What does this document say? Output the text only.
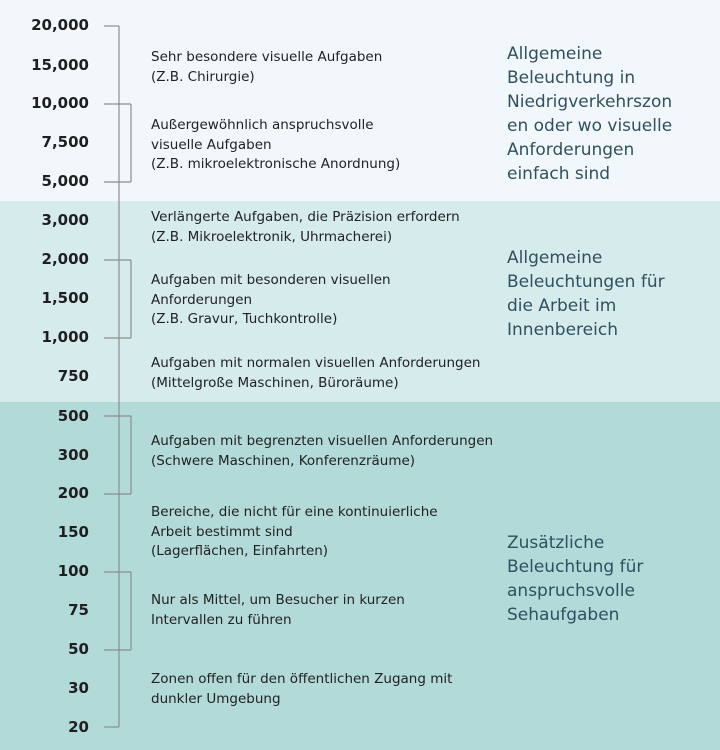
20,000
15,000
10,000
7,500
5,000
3,000
2,000
1,500
1,000
750
500
300
200
150
100
75
50
30
20
Sehr besondere visuelle Aufgaben
(Z.B. Chirurgie)
Außergewöhnlich anspruchsvolle
visuelle Aufgaben
(Z.B. mikroelektronische Anordnung)
Verlängerte Aufgaben, die Präzision erfordern
(Z.B. Mikroelektronik, Uhrmacherei)
Aufgaben mit besonderen visuellen
Anforderungen
(Z.B. Gravur, Tuchkontrolle)
Aufgaben mit normalen visuellen Anforderungen
(Mittelgroße Maschinen, Büroräume)
Aufgaben mit begrenzten visuellen Anforderungen
(Schwere Maschinen, Konferenzräume)
Bereiche, die nicht für eine kontinuierliche
Arbeit bestimmt sind
(Lagerflächen, Einfahrten)
Nur als Mittel, um Besucher in kurzen
Intervallen zu führen
Zonen offen für den öffentlichen Zugang mit
dunkler Umgebung
Allgemeine
Beleuchtung in
Niedrigverkehrszon
en oder wo visuelle
Anforderungen
einfach sind
Allgemeine
Beleuchtungen für
die Arbeit im
Innenbereich
Zusätzliche
Beleuchtung für
anspruchsvolle
Sehaufgaben
